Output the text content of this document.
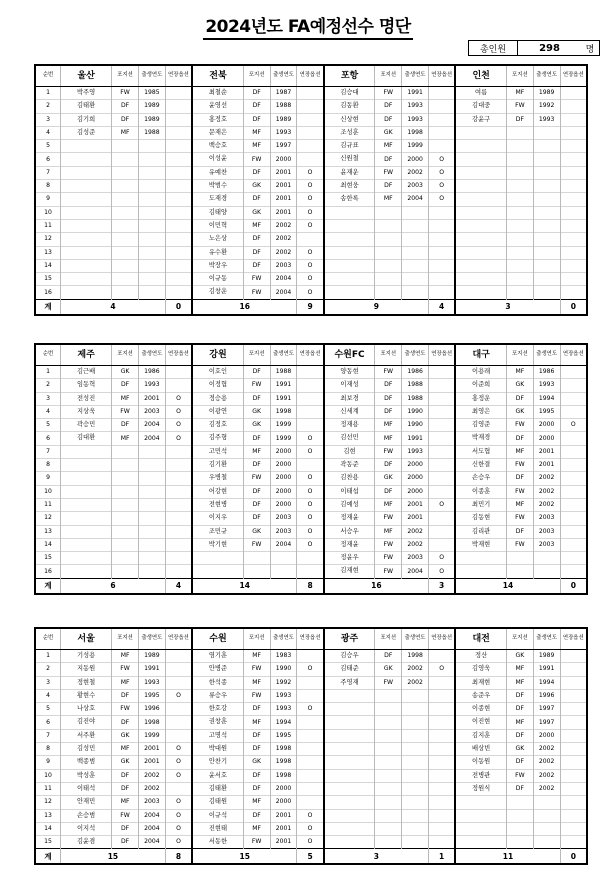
2024년도 FA예정선수 명단
총인원	298	명
순번	울산	포지션	출생연도	연장옵션	전북	포지션	출생연도	연장옵션	포항	포지션	출생연도	연장옵션	인천	포지션	출생연도	연장옵션
1	박주영	FW	1985		최철순	DF	1987		김승대	FW	1991		여름	MF	1989	
2	김태환	DF	1989		윤영선	DF	1988		김동환	DF	1993		김대중	FW	1992	
3	김기희	DF	1989		홍정호	DF	1989		신상현	DF	1993		강윤구	DF	1993	
4	김성준	MF	1988		문재은	MF	1993		조성훈	GK	1998					
5					백승호	MF	1997		김규표	MF	1999					
6					이성윤	FW	2000		신원철	DF	2000	O				
7					유예찬	DF	2001	O	윤재운	FW	2002	O				
8					박범수	GK	2001	O	최현웅	DF	2003	O				
9					도재경	DF	2001	O	송한록	MF	2004	O				
10					김태양	GK	2001	O								
11					이민혁	MF	2002	O								
12					노은상	DF	2002									
13					유수환	DF	2002	O								
14					박장우	DF	2003	O								
15					이규동	FW	2004	O								
16					김창운	FW	2004	O								
계	4			0	16			9	9			4	3			0
순번	제주	포지션	출생연도	연장옵션	강원	포지션	출생연도	연장옵션	수원FC	포지션	출생연도	연장옵션	대구	포지션	출생연도	연장옵션
1	김근배	GK	1986		이호인	DF	1988		양동현	FW	1986		이용래	MF	1986	
2	임동혁	DF	1993		이정협	FW	1991		이재성	DF	1988		이준희	GK	1993	
3	전성진	MF	2001	O	정승용	DF	1991		최보경	DF	1988		홍정운	DF	1994	
4	지상욱	FW	2003	O	이광연	GK	1998		신세계	DF	1990		최영은	GK	1995	
5	곽승민	DF	2004	O	김정호	GK	1999		정재용	MF	1990		김영준	FW	2000	O
6	김대환	MF	2004	O	김주형	DF	1999	O	김선민	MF	1991		박재경	DF	2000	
7					고민석	MF	2000	O	김현	FW	1993		서도협	MF	2001	
8					김기환	DF	2000		곽동준	DF	2000		신한결	FW	2001	
9					우병철	FW	2000	O	김찬용	GK	2000		손승우	DF	2002	
10					어강현	DF	2000	O	이태섭	DF	2000		이종훈	FW	2002	
11					전현병	DF	2000	O	김예성	MF	2001	O	최민기	MF	2002	
12					이지우	DF	2003	O	정재윤	FW	2001		김동현	FW	2003	
13					조민규	GK	2003	O	서승우	MF	2002		김리관	DF	2003	
14					박기현	FW	2004	O	정재윤	FW	2002		박재현	FW	2003	
15									정윤우	FW	2003	O				
16									김재현	FW	2004	O				
계	6			4	14			8	16			3	14			0
순번	서울	포지션	출생연도	연장옵션	수원	포지션	출생연도	연장옵션	광주	포지션	출생연도	연장옵션	대전	포지션	출생연도	연장옵션
1	기성용	MF	1989		염기훈	MF	1983		김승우	DF	1998		정산	GK	1989	
2	지동원	FW	1991		안병준	FW	1990	O	김태준	GK	2002	O	김영욱	MF	1991	
3	정현철	MF	1993		한석종	MF	1992		주영재	FW	2002		최재현	MF	1994	
4	황현수	DF	1995	O	류승우	FW	1993						송준우	DF	1996	
5	나상호	FW	1996		한호강	DF	1993	O					이종현	DF	1997	
6	김진야	DF	1998		권창훈	MF	1994						이진현	MF	1997	
7	서주환	GK	1999		고명석	DF	1995						김지훈	DF	2000	
8	김성민	MF	2001	O	박대원	DF	1998						배상빈	GK	2002	
9	백종범	GK	2001	O	안찬기	GK	1998						이동원	DF	2002	
10	박성훈	DF	2002	O	윤서호	DF	1998						전병관	FW	2002	
11	이태석	DF	2002		김태환	DF	2000						정원식	DF	2002	
12	안재민	MF	2003	O	김태원	MF	2000									
13	손승범	FW	2004	O	이규석	DF	2001	O								
14	이지석	DF	2004	O	진현태	MF	2001	O								
15	김윤겸	DF	2004	O	서동한	FW	2001	O								
계	15			8	15			5	3			1	11			0
